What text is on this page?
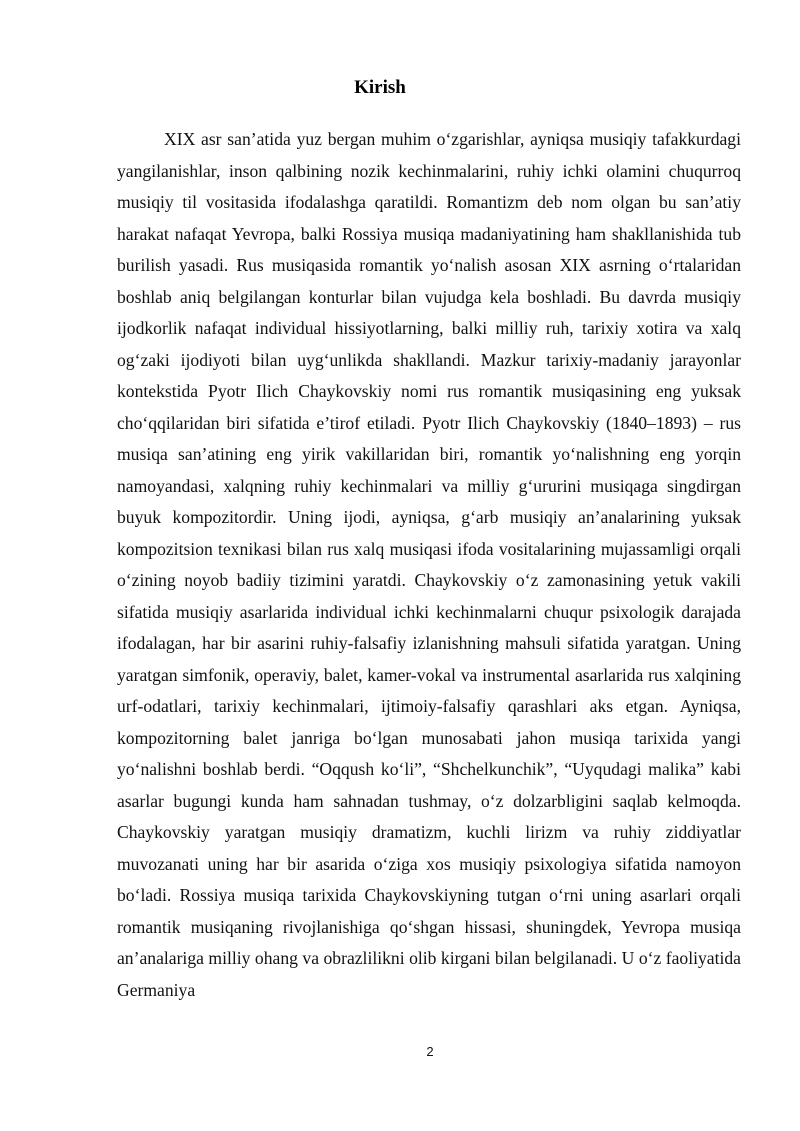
Kirish

XIX asr san’atida yuz bergan muhim o‘zgarishlar, ayniqsa musiqiy tafakkurdagi yangilanishlar, inson qalbining nozik kechinmalarini, ruhiy ichki olamini chuqurroq musiqiy til vositasida ifodalashga qaratildi. Romantizm deb nom olgan bu san’atiy harakat nafaqat Yevropa, balki Rossiya musiqa madaniyatining ham shakllanishida tub burilish yasadi. Rus musiqasida romantik yo‘nalish asosan XIX asrning o‘rtalaridan boshlab aniq belgilangan konturlar bilan vujudga kela boshladi. Bu davrda musiqiy ijodkorlik nafaqat individual hissiyotlarning, balki milliy ruh, tarixiy xotira va xalq og‘zaki ijodiyoti bilan uyg‘unlikda shakllandi. Mazkur tarixiy-madaniy jarayonlar kontekstida Pyotr Ilich Chaykovskiy nomi rus romantik musiqasining eng yuksak cho‘qqilaridan biri sifatida e’tirof etiladi. Pyotr Ilich Chaykovskiy (1840–1893) – rus musiqa san’atining eng yirik vakillaridan biri, romantik yo‘nalishning eng yorqin namoyandasi, xalqning ruhiy kechinmalari va milliy g‘ururini musiqaga singdirgan buyuk kompozitordir. Uning ijodi, ayniqsa, g‘arb musiqiy an’analarining yuksak kompozitsion texnikasi bilan rus xalq musiqasi ifoda vositalarining mujassamligi orqali o‘zining noyob badiiy tizimini yaratdi. Chaykovskiy o‘z zamonasining yetuk vakili sifatida musiqiy asarlarida individual ichki kechinmalarni chuqur psixologik darajada ifodalagan, har bir asarini ruhiy-falsafiy izlanishning mahsuli sifatida yaratgan. Uning yaratgan simfonik, operaviy, balet, kamer-vokal va instrumental asarlarida rus xalqining urf-odatlari, tarixiy kechinmalari, ijtimoiy-falsafiy qarashlari aks etgan. Ayniqsa, kompozitorning balet janriga bo‘lgan munosabati jahon musiqa tarixida yangi yo‘nalishni boshlab berdi. “Oqqush ko‘li”, “Shchelkunchik”, “Uyqudagi malika” kabi asarlar bugungi kunda ham sahnadan tushmay, o‘z dolzarbligini saqlab kelmoqda. Chaykovskiy yaratgan musiqiy dramatizm, kuchli lirizm va ruhiy ziddiyatlar muvozanati uning har bir asarida o‘ziga xos musiqiy psixologiya sifatida namoyon bo‘ladi. Rossiya musiqa tarixida Chaykovskiyning tutgan o‘rni uning asarlari orqali romantik musiqaning rivojlanishiga qo‘shgan hissasi, shuningdek, Yevropa musiqa an’analariga milliy ohang va obrazlilikni olib kirgani bilan belgilanadi. U o‘z faoliyatida Germaniya

2
